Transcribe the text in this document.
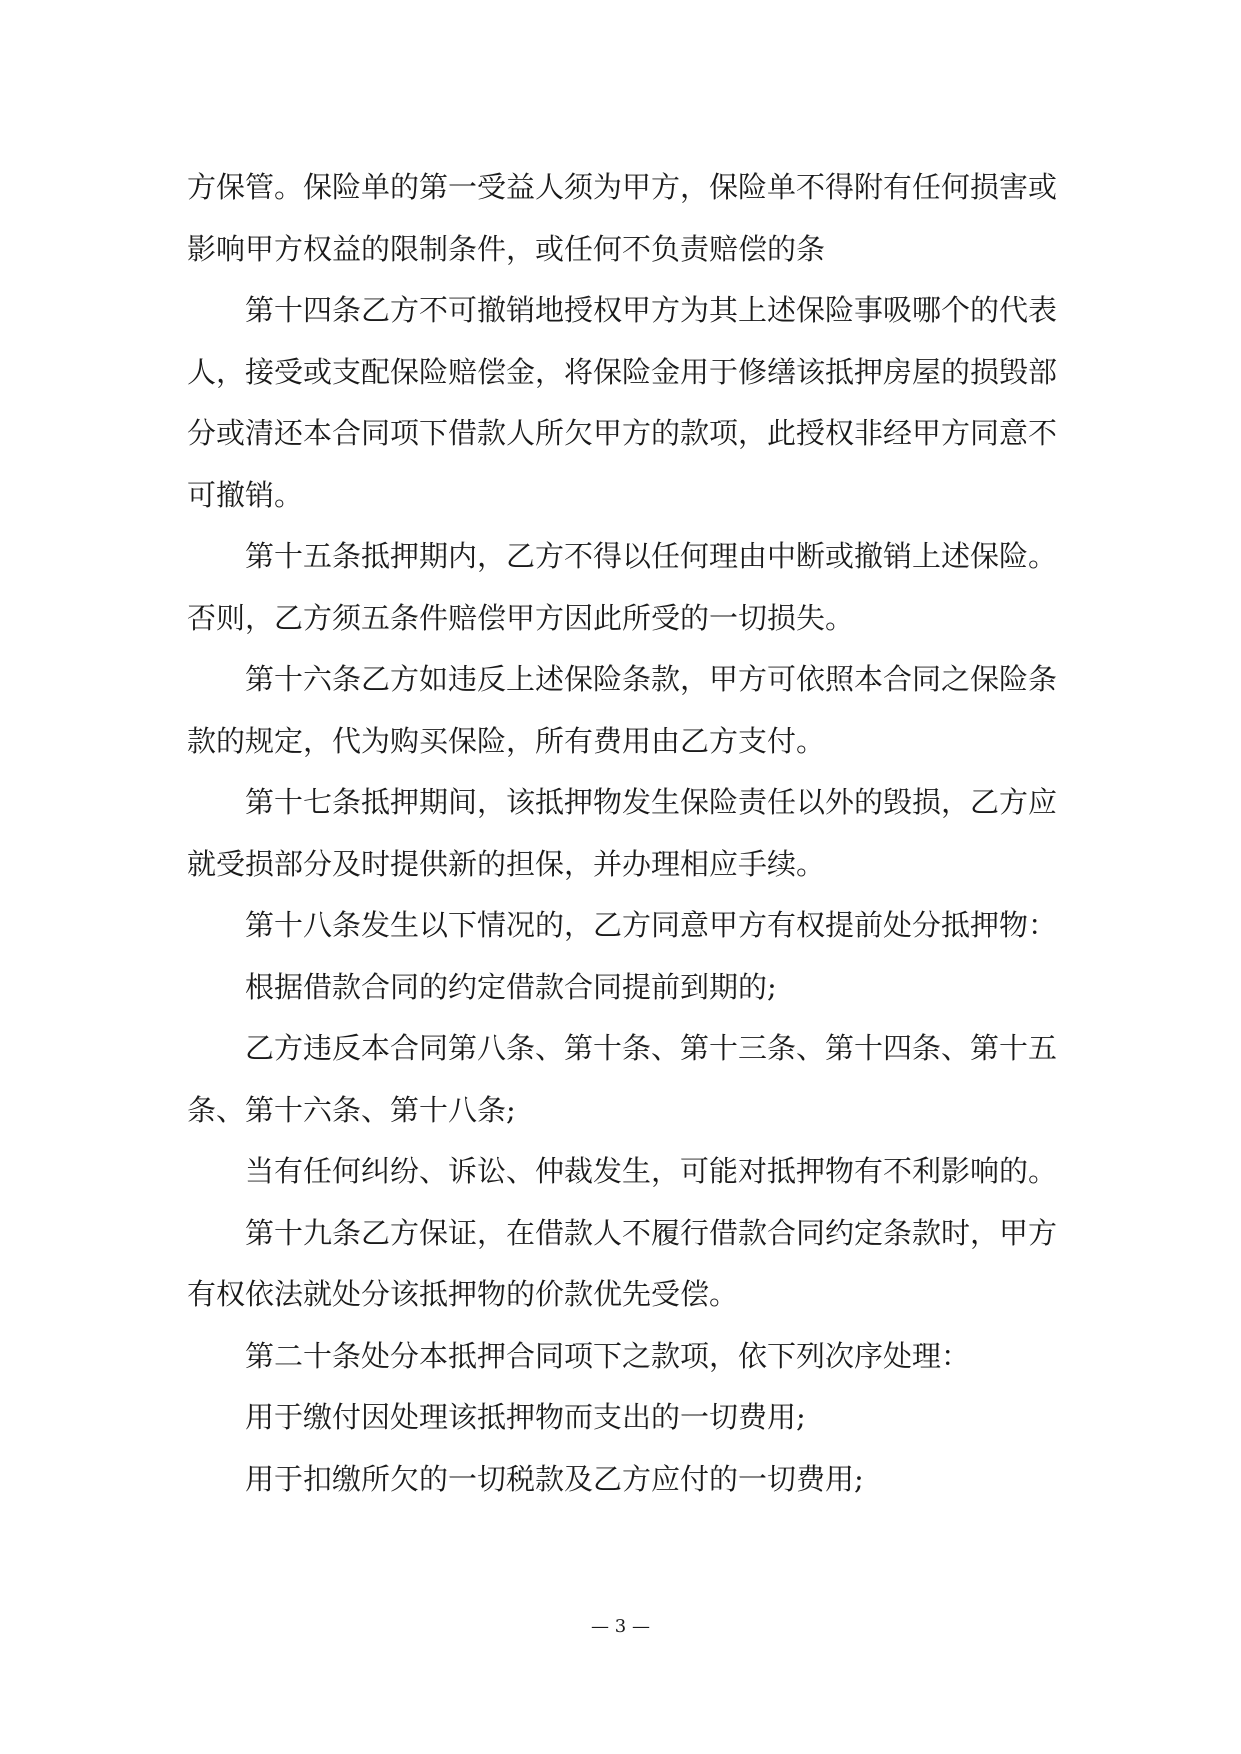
方保管。保险单的第一受益人须为甲方，保险单不得附有任何损害或影响甲方权益的限制条件，或任何不负责赔偿的条

第十四条乙方不可撤销地授权甲方为其上述保险事吸哪个的代表人，接受或支配保险赔偿金，将保险金用于修缮该抵押房屋的损毁部分或清还本合同项下借款人所欠甲方的款项，此授权非经甲方同意不可撤销。

第十五条抵押期内，乙方不得以任何理由中断或撤销上述保险。否则，乙方须五条件赔偿甲方因此所受的一切损失。

第十六条乙方如违反上述保险条款，甲方可依照本合同之保险条款的规定，代为购买保险，所有费用由乙方支付。

第十七条抵押期间，该抵押物发生保险责任以外的毁损，乙方应就受损部分及时提供新的担保，并办理相应手续。

第十八条发生以下情况的，乙方同意甲方有权提前处分抵押物：

根据借款合同的约定借款合同提前到期的;

乙方违反本合同第八条、第十条、第十三条、第十四条、第十五条、第十六条、第十八条;

当有任何纠纷、诉讼、仲裁发生，可能对抵押物有不利影响的。

第十九条乙方保证，在借款人不履行借款合同约定条款时，甲方有权依法就处分该抵押物的价款优先受偿。

第二十条处分本抵押合同项下之款项，依下列次序处理：

用于缴付因处理该抵押物而支出的一切费用;

用于扣缴所欠的一切税款及乙方应付的一切费用;

— 3 —
